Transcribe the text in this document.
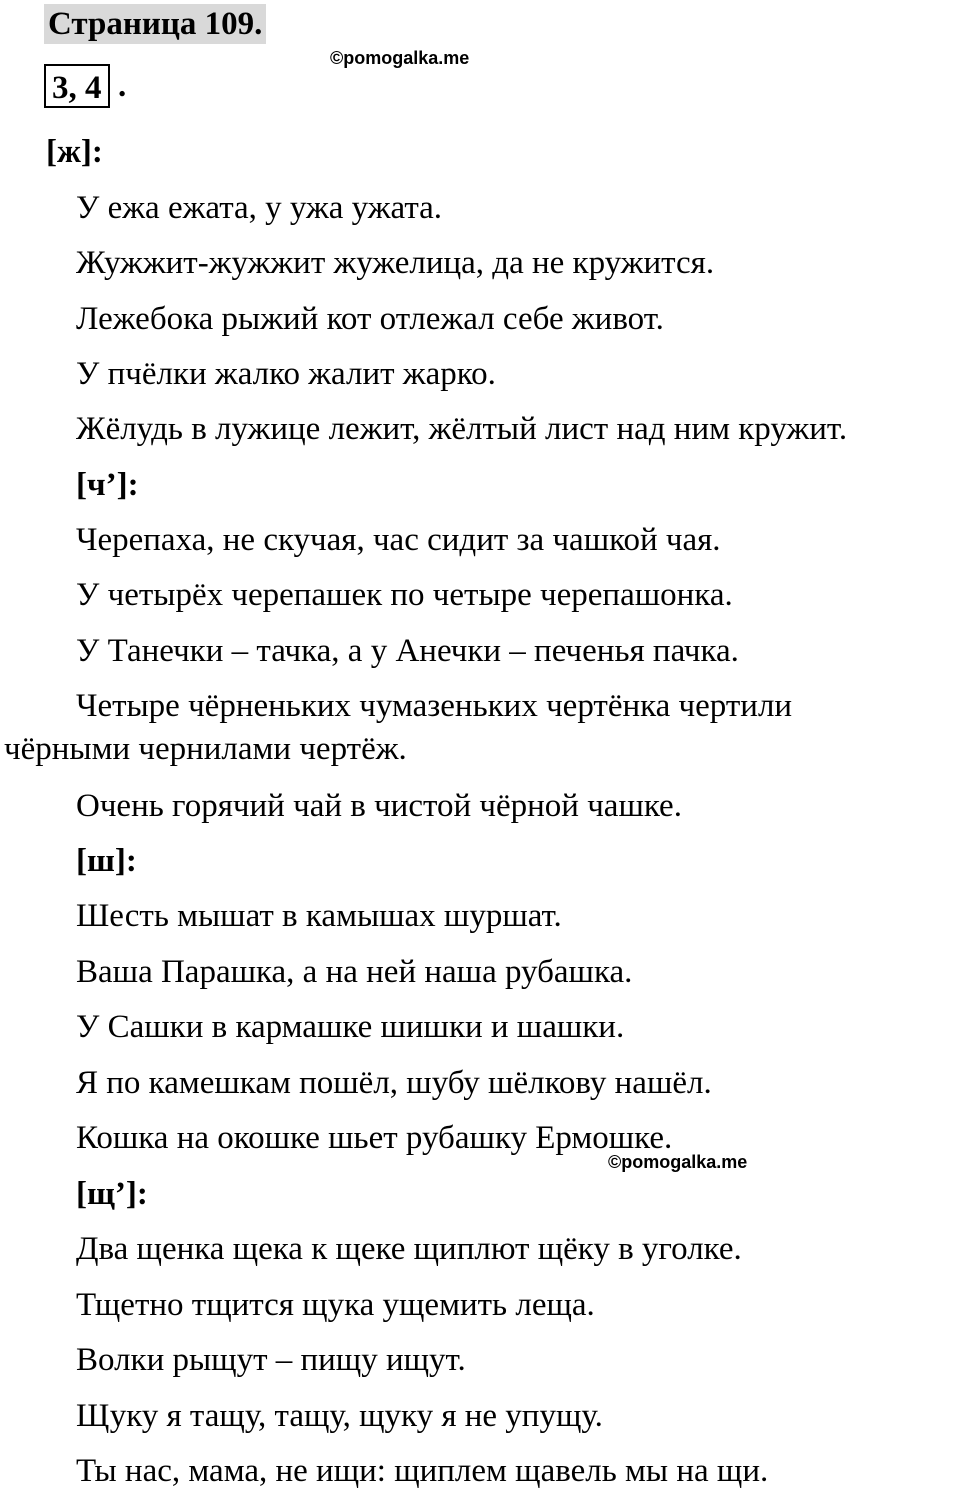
Страница 109.
©pomogalka.me
3, 4 .
[ж]:
У ежа ежата, у ужа ужата.
Жужжит-жужжит жужелица, да не кружится.
Лежебока рыжий кот отлежал себе живот.
У пчёлки жалко жалит жарко.
Жёлудь в лужице лежит, жёлтый лист над ним кружит.
[ч’]:
Черепаха, не скучая, час сидит за чашкой чая.
У четырёх черепашек по четыре черепашонка.
У Танечки – тачка, а у Анечки – печенья пачка.
Четыре чёрненьких чумазеньких чертёнка чертили
чёрными чернилами чертёж.
Очень горячий чай в чистой чёрной чашке.
[ш]:
Шесть мышат в камышах шуршат.
Ваша Парашка, а на ней наша рубашка.
У Сашки в кармашке шишки и шашки.
Я по камешкам пошёл, шубу шёлкову нашёл.
Кошка на окошке шьет рубашку Ермошке.
©pomogalka.me
[щ’]:
Два щенка щека к щеке щиплют щёку в уголке.
Тщетно тщится щука ущемить леща.
Волки рыщут – пищу ищут.
Щуку я тащу, тащу, щуку я не упущу.
Ты нас, мама, не ищи: щиплем щавель мы на щи.
